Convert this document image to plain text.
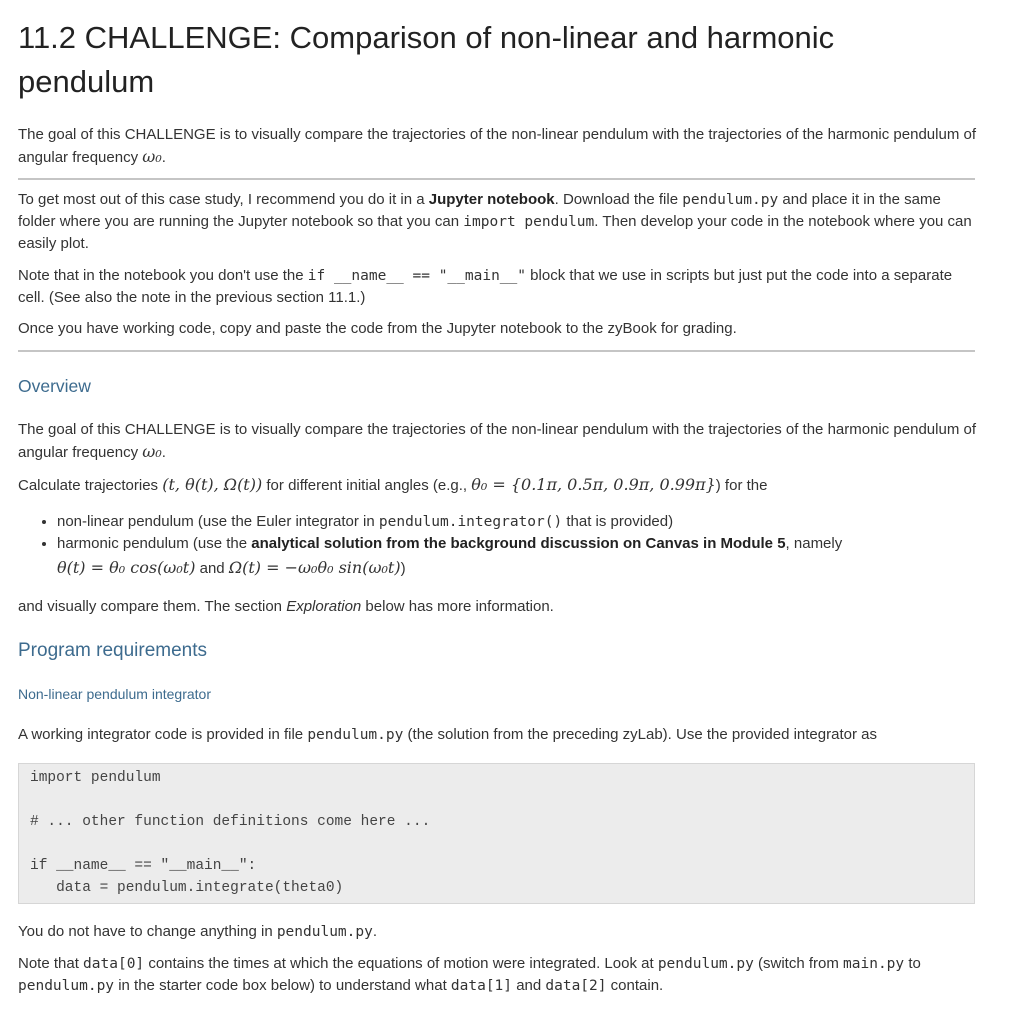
11.2 CHALLENGE: Comparison of non-linear and harmonic pendulum

The goal of this CHALLENGE is to visually compare the trajectories of the non-linear pendulum with the trajectories of the harmonic pendulum of angular frequency ω₀.

To get most out of this case study, I recommend you do it in a Jupyter notebook. Download the file pendulum.py and place it in the same folder where you are running the Jupyter notebook so that you can import pendulum. Then develop your code in the notebook where you can easily plot.

Note that in the notebook you don't use the if __name__ == "__main__" block that we use in scripts but just put the code into a separate cell. (See also the note in the previous section 11.1.)

Once you have working code, copy and paste the code from the Jupyter notebook to the zyBook for grading.

Overview

The goal of this CHALLENGE is to visually compare the trajectories of the non-linear pendulum with the trajectories of the harmonic pendulum of angular frequency ω₀.

Calculate trajectories (t, θ(t), Ω(t)) for different initial angles (e.g., θ₀ = {0.1π, 0.5π, 0.9π, 0.99π}) for the

• non-linear pendulum (use the Euler integrator in pendulum.integrator() that is provided)
• harmonic pendulum (use the analytical solution from the background discussion on Canvas in Module 5, namely
θ(t) = θ₀ cos(ω₀t) and Ω(t) = −ω₀θ₀ sin(ω₀t))

and visually compare them. The section Exploration below has more information.

Program requirements
Non-linear pendulum integrator

A working integrator code is provided in file pendulum.py (the solution from the preceding zyLab). Use the provided integrator as

import pendulum
# ... other function definitions come here ...
if __name__ == "__main__":
data = pendulum.integrate(theta0)

You do not have to change anything in pendulum.py.

Note that data[0] contains the times at which the equations of motion were integrated. Look at pendulum.py (switch from main.py to pendulum.py in the starter code box below) to understand what data[1] and data[2] contain.
